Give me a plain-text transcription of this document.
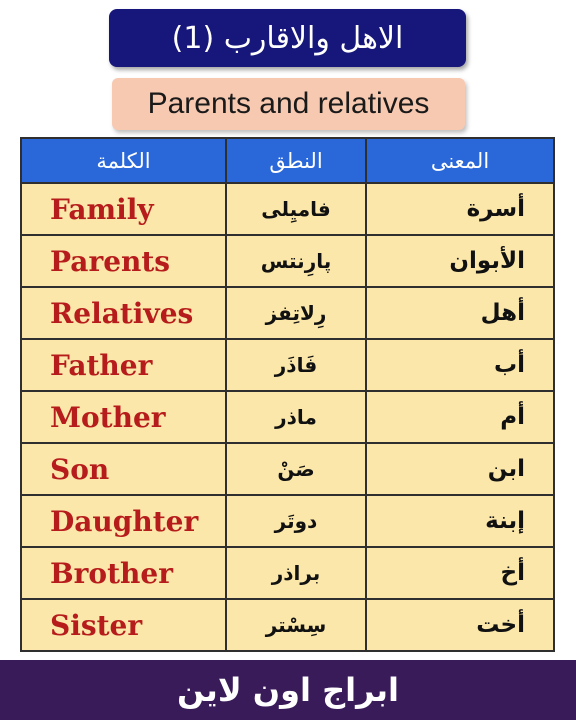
الاهل والاقارب (1)
Parents and relatives
الكلمة	النطق	المعنى
Family	فاميِلى	أسرة
Parents	پارِنتس	الأبوان
Relatives	رِلاتِفز	أهل
Father	فَاذَر	أب
Mother	ماذر	أم
Son	صَنْ	ابن
Daughter	دوتَر	إبنة
Brother	براذر	أخ
Sister	سِسْتر	أخت
ابراج اون لاين
